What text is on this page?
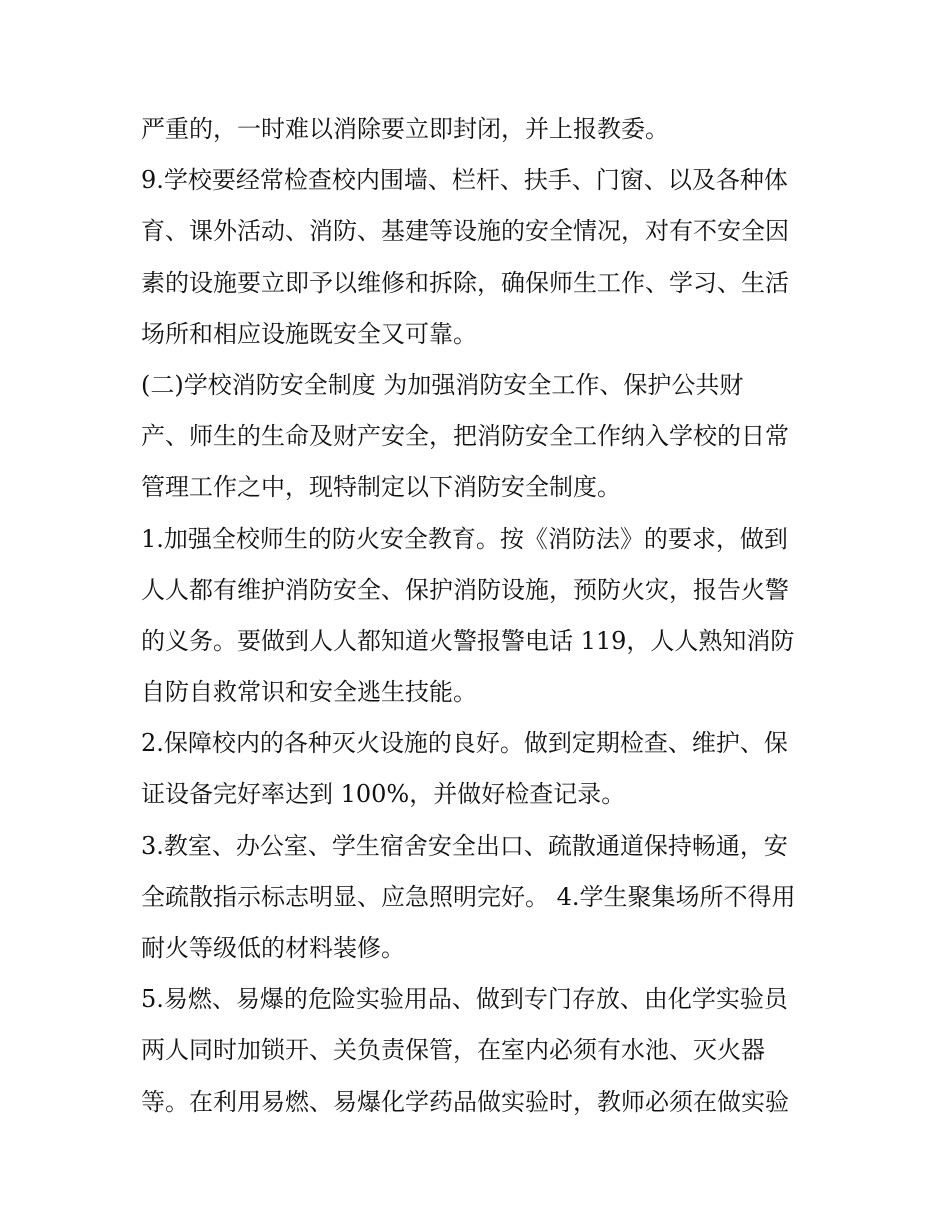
严重的，一时难以消除要立即封闭，并上报教委。
9.学校要经常检查校内围墙、栏杆、扶手、门窗、以及各种体
育、课外活动、消防、基建等设施的安全情况，对有不安全因
素的设施要立即予以维修和拆除，确保师生工作、学习、生活
场所和相应设施既安全又可靠。
(二)学校消防安全制度 为加强消防安全工作、保护公共财
产、师生的生命及财产安全，把消防安全工作纳入学校的日常
管理工作之中，现特制定以下消防安全制度。
1.加强全校师生的防火安全教育。按《消防法》的要求，做到
人人都有维护消防安全、保护消防设施，预防火灾，报告火警
的义务。要做到人人都知道火警报警电话 119，人人熟知消防
自防自救常识和安全逃生技能。
2.保障校内的各种灭火设施的良好。做到定期检查、维护、保
证设备完好率达到 100%，并做好检查记录。
3.教室、办公室、学生宿舍安全出口、疏散通道保持畅通，安
全疏散指示标志明显、应急照明完好。 4.学生聚集场所不得用
耐火等级低的材料装修。
5.易燃、易爆的危险实验用品、做到专门存放、由化学实验员
两人同时加锁开、关负责保管，在室内必须有水池、灭火器
等。在利用易燃、易爆化学药品做实验时，教师必须在做实验
